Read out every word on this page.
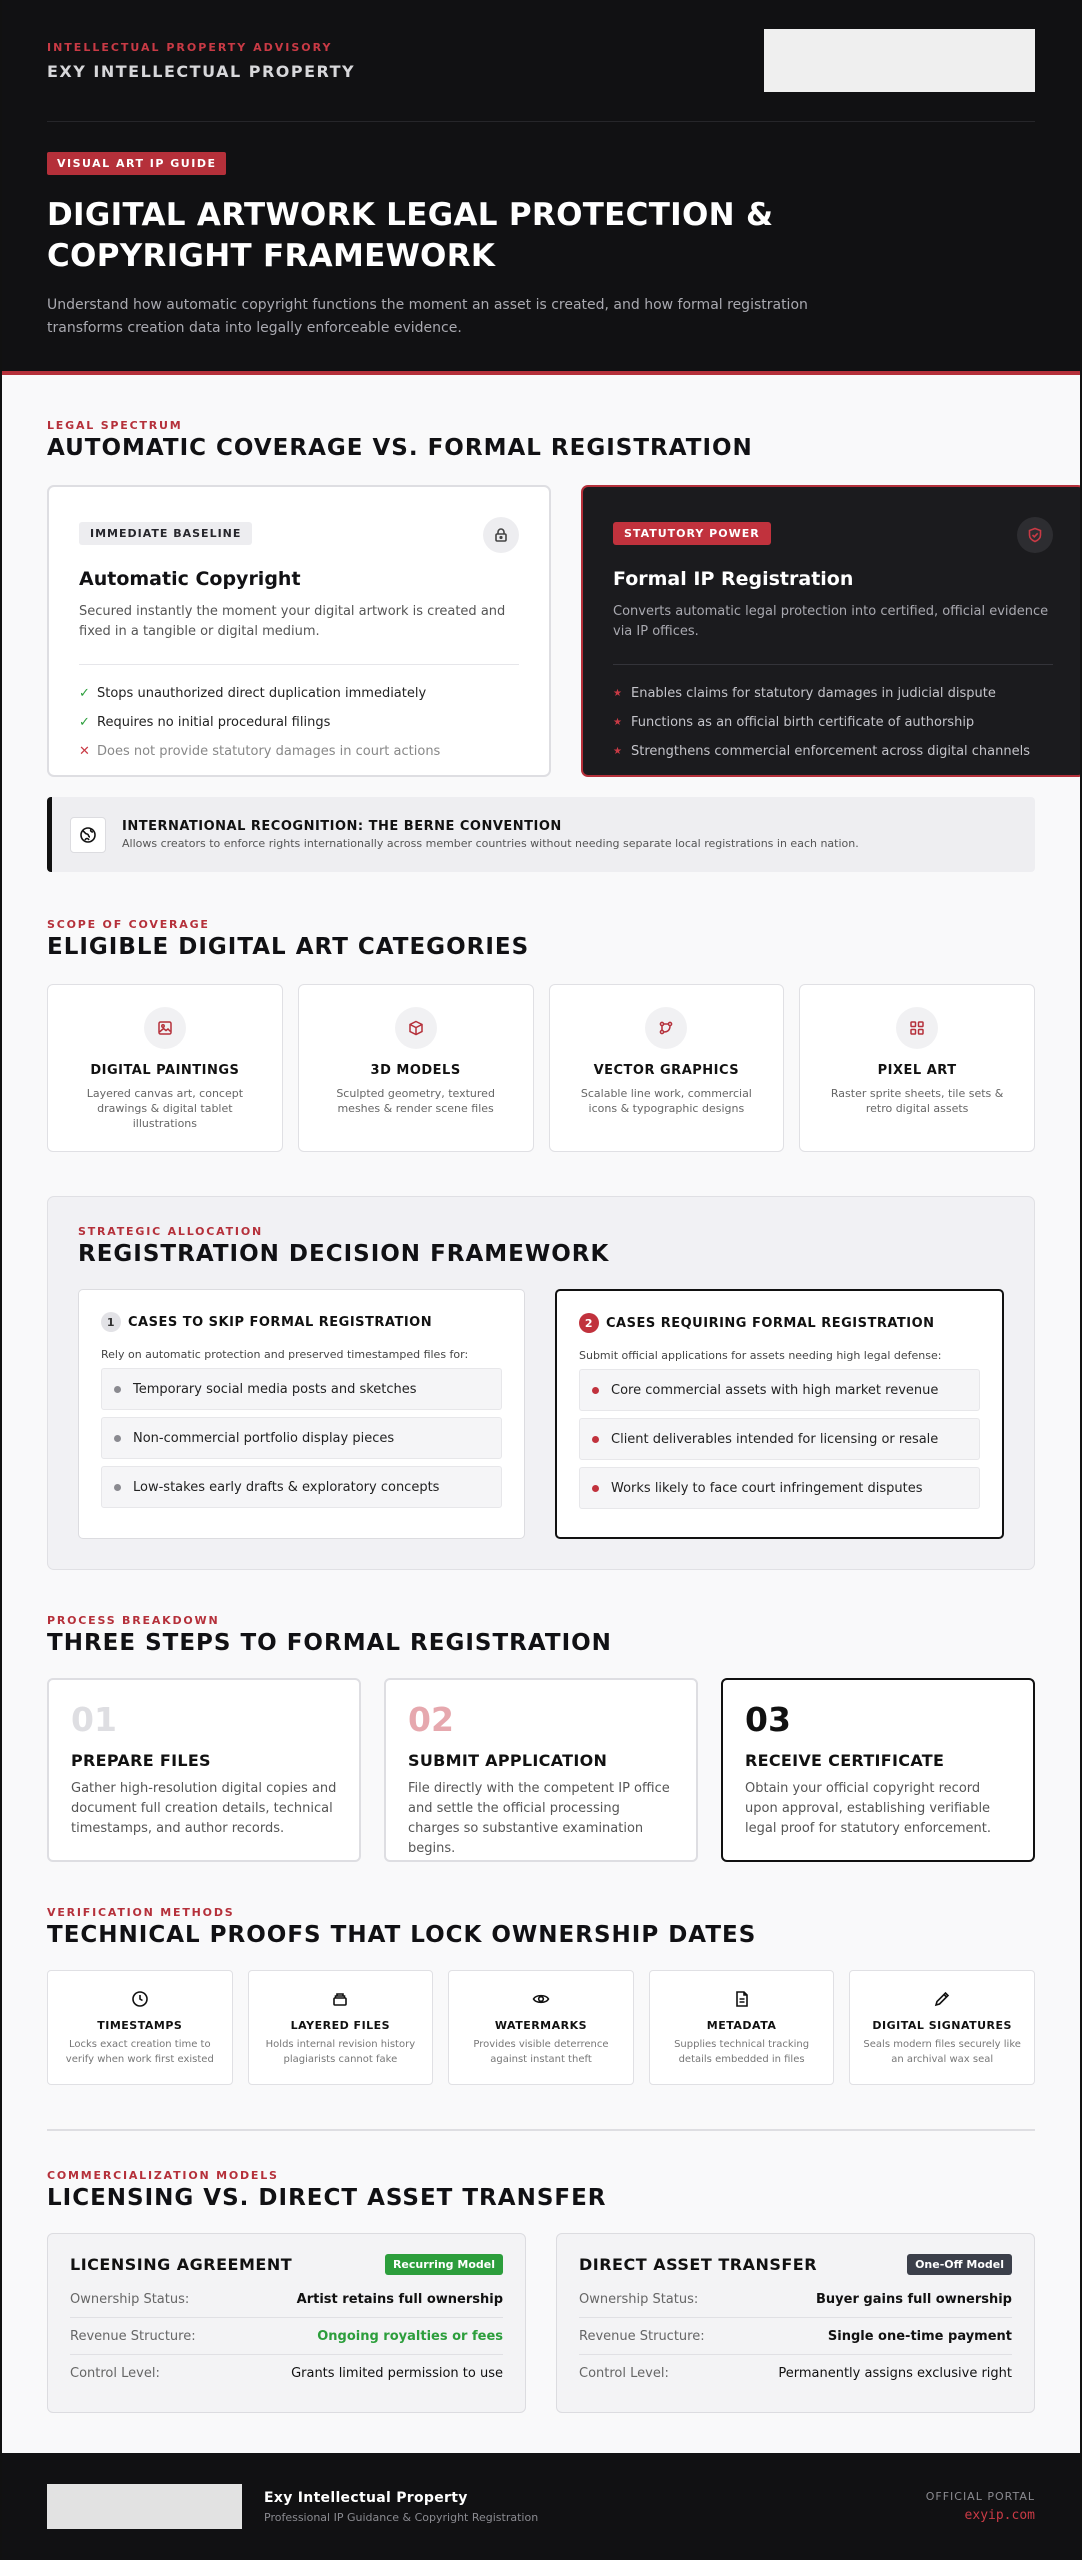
INTELLECTUAL PROPERTY ADVISORY
EXY INTELLECTUAL PROPERTY
VISUAL ART IP GUIDE
DIGITAL ARTWORK LEGAL PROTECTION &
COPYRIGHT FRAMEWORK

Understand how automatic copyright functions the moment an asset is created, and how formal registration transforms creation data into legally enforceable evidence.

LEGAL SPECTRUM
AUTOMATIC COVERAGE VS. FORMAL REGISTRATION
IMMEDIATE BASELINE
Automatic Copyright
Secured instantly the moment your digital artwork is created and fixed in a tangible or digital medium.
✓ Stops unauthorized direct duplication immediately
✓ Requires no initial procedural filings
✕ Does not provide statutory damages in court actions
STATUTORY POWER
Formal IP Registration
Converts automatic legal protection into certified, official evidence via IP offices.
★ Enables claims for statutory damages in judicial dispute
★ Functions as an official birth certificate of authorship
★ Strengthens commercial enforcement across digital channels
INTERNATIONAL RECOGNITION: THE BERNE CONVENTION
Allows creators to enforce rights internationally across member countries without needing separate local registrations in each nation.
SCOPE OF COVERAGE
ELIGIBLE DIGITAL ART CATEGORIES
DIGITAL PAINTINGS
Layered canvas art, concept drawings & digital tablet illustrations
3D MODELS
Sculpted geometry, textured meshes & render scene files
VECTOR GRAPHICS
Scalable line work, commercial icons & typographic designs
PIXEL ART
Raster sprite sheets, tile sets & retro digital assets
STRATEGIC ALLOCATION
REGISTRATION DECISION FRAMEWORK
1 CASES TO SKIP FORMAL REGISTRATION
Rely on automatic protection and preserved timestamped files for:
Temporary social media posts and sketches
Non-commercial portfolio display pieces
Low-stakes early drafts & exploratory concepts
2 CASES REQUIRING FORMAL REGISTRATION
Submit official applications for assets needing high legal defense:
Core commercial assets with high market revenue
Client deliverables intended for licensing or resale
Works likely to face court infringement disputes
PROCESS BREAKDOWN
THREE STEPS TO FORMAL REGISTRATION
01
PREPARE FILES
Gather high-resolution digital copies and document full creation details, technical timestamps, and author records.
02
SUBMIT APPLICATION
File directly with the competent IP office and settle the official processing charges so substantive examination begins.
03
RECEIVE CERTIFICATE
Obtain your official copyright record upon approval, establishing verifiable legal proof for statutory enforcement.
VERIFICATION METHODS
TECHNICAL PROOFS THAT LOCK OWNERSHIP DATES
TIMESTAMPS
Locks exact creation time to verify when work first existed
LAYERED FILES
Holds internal revision history plagiarists cannot fake
WATERMARKS
Provides visible deterrence against instant theft
METADATA
Supplies technical tracking details embedded in files
DIGITAL SIGNATURES
Seals modern files securely like an archival wax seal
COMMERCIALIZATION MODELS
LICENSING VS. DIRECT ASSET TRANSFER
LICENSING AGREEMENT	Recurring Model
Ownership Status:	Artist retains full ownership
Revenue Structure:	Ongoing royalties or fees
Control Level:	Grants limited permission to use
DIRECT ASSET TRANSFER	One-Off Model
Ownership Status:	Buyer gains full ownership
Revenue Structure:	Single one-time payment
Control Level:	Permanently assigns exclusive right
Exy Intellectual Property
Professional IP Guidance & Copyright Registration
OFFICIAL PORTAL
exyip.com
